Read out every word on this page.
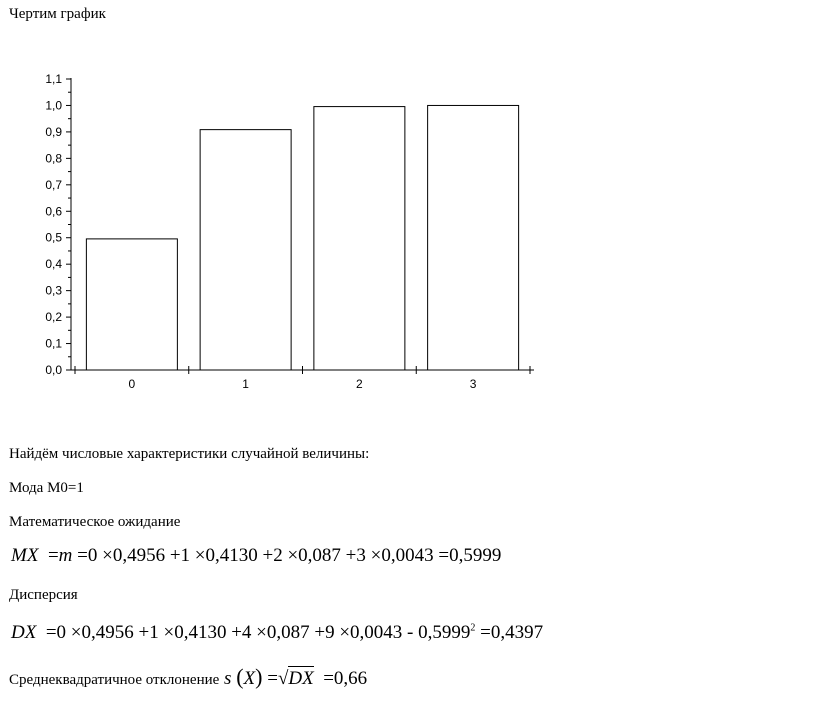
Чертим график
0,0
0,1
0,2
0,3
0,4
0,5
0,6
0,7
0,8
0,9
1,0
1,1
0	1	2	3
Найдём числовые характеристики случайной величины:
Мода M0=1
Математическое ожидание
MX  =m =0 ×0,4956 +1 ×0,4130 +2 ×0,087 +3 ×0,0043 =0,5999
Дисперсия
DX  $=0 \times 0,4956 +1 \times 0,4130 +4 \times 0,087 +9 \times 0,0043 - 0,5999^2 =0,4397$
Среднеквадратичное отклонение s (X) =√DX =0,66
